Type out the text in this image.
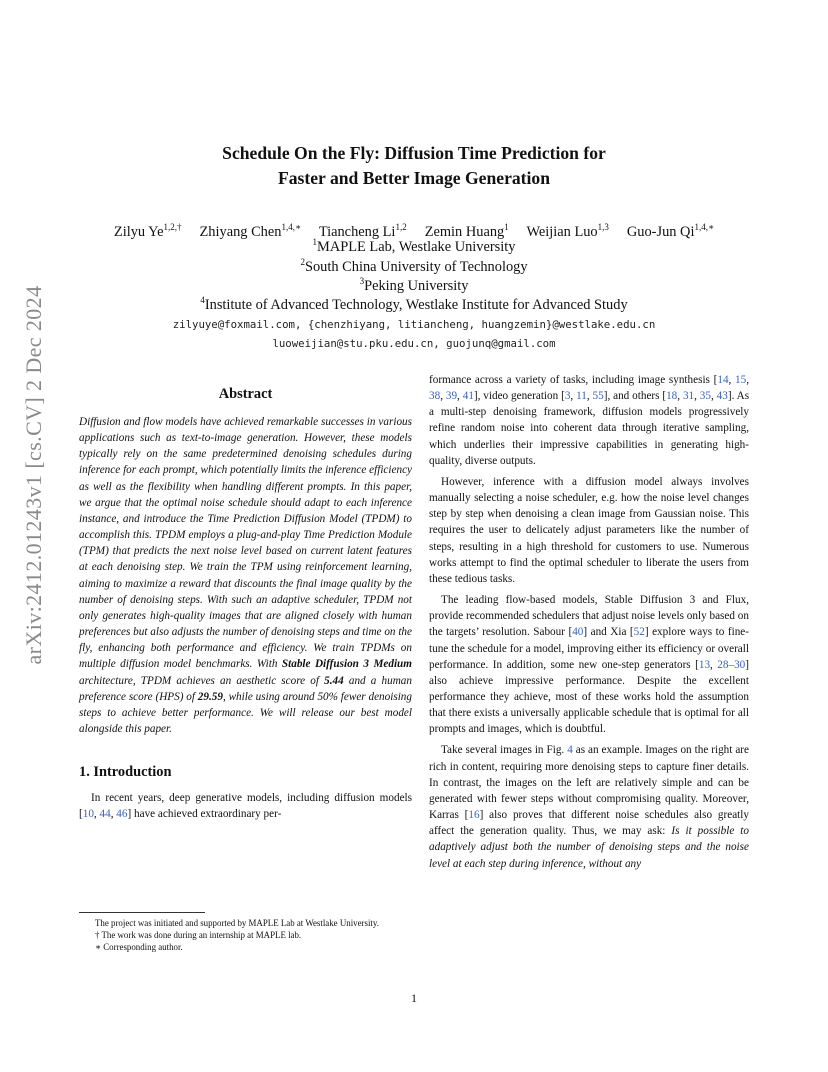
arXiv:2412.01243v1 [cs.CV] 2 Dec 2024
Schedule On the Fly: Diffusion Time Prediction for
Faster and Better Image Generation
Zilyu $Ye^{1,2,\dagger}$ Zhiyang Chen$^{1,4,∗}$ Tiancheng Li$^{1,2}$ Zemin Huang$^1$ Weijian Luo$^{1,3}$ Guo-Jun $Qi^{1,4,∗}$
$^1$MAPLE Lab, Westlake University
$^2$South China University of Technology
$^3$Peking University
$^4$Institute of Advanced Technology, Westlake Institute for Advanced Study
zilyuye@foxmail.com, {chenzhiyang, litiancheng, huangzemin}@westlake.edu.cn
luoweijian@stu.pku.edu.cn, guojunq@gmail.com
Abstract

Diffusion and flow models have achieved remarkable successes in various applications such as text-to-image generation. However, these models typically rely on the same predetermined denoising schedules during inference for each prompt, which potentially limits the inference efficiency as well as the flexibility when handling different prompts. In this paper, we argue that the optimal noise schedule should adapt to each inference instance, and introduce the Time Prediction Diffusion Model (TPDM) to accomplish this. TPDM employs a plug-and-play Time Prediction Module (TPM) that predicts the next noise level based on current latent features at each denoising step. We train the TPM using reinforcement learning, aiming to maximize a reward that discounts the final image quality by the number of denoising steps. With such an adaptive scheduler, TPDM not only generates high-quality images that are aligned closely with human preferences but also adjusts the number of denoising steps and time on the fly, enhancing both performance and efficiency. We train TPDMs on multiple diffusion model benchmarks. With Stable Diffusion 3 Medium architecture, TPDM achieves an aesthetic score of 5.44 and a human preference score (HPS) of 29.59, while using around 50% fewer denoising steps to achieve better performance. We will release our best model alongside this paper.

1. Introduction

In recent years, deep generative models, including diffusion models [10, 44, 46] have achieved extraordinary per-

The project was initiated and supported by MAPLE Lab at Westlake University.

† The work was done during an internship at MAPLE lab.

∗ Corresponding author.

formance across a variety of tasks, including image synthesis [14, 15, 38, 39, 41], video generation [3, 11, 55], and others [18, 31, 35, 43]. As a multi-step denoising framework, diffusion models progressively refine random noise into coherent data through iterative sampling, which underlies their impressive capabilities in generating high-quality, diverse outputs.

However, inference with a diffusion model always involves manually selecting a noise scheduler, e.g. how the noise level changes step by step when denoising a clean image from Gaussian noise. This requires the user to delicately adjust parameters like the number of steps, resulting in a high threshold for customers to use. Numerous works attempt to find the optimal scheduler to liberate the users from these tedious tasks.

The leading flow-based models, Stable Diffusion 3 and Flux, provide recommended schedulers that adjust noise levels only based on the targets’ resolution. Sabour [40] and Xia [52] explore ways to fine-tune the schedule for a model, improving either its efficiency or overall performance. In addition, some new one-step generators [13, 28–30] also achieve impressive performance. Despite the excellent performance they achieve, most of these works hold the assumption that there exists a universally applicable schedule that is optimal for all prompts and images, which is doubtful.

Take several images in Fig. 4 as an example. Images on the right are rich in content, requiring more denoising steps to capture finer details. In contrast, the images on the left are relatively simple and can be generated with fewer steps without compromising quality. Moreover, Karras [16] also proves that different noise schedules also greatly affect the generation quality. Thus, we may ask: Is it possible to adaptively adjust both the number of denoising steps and the noise level at each step during inference, without any

1
